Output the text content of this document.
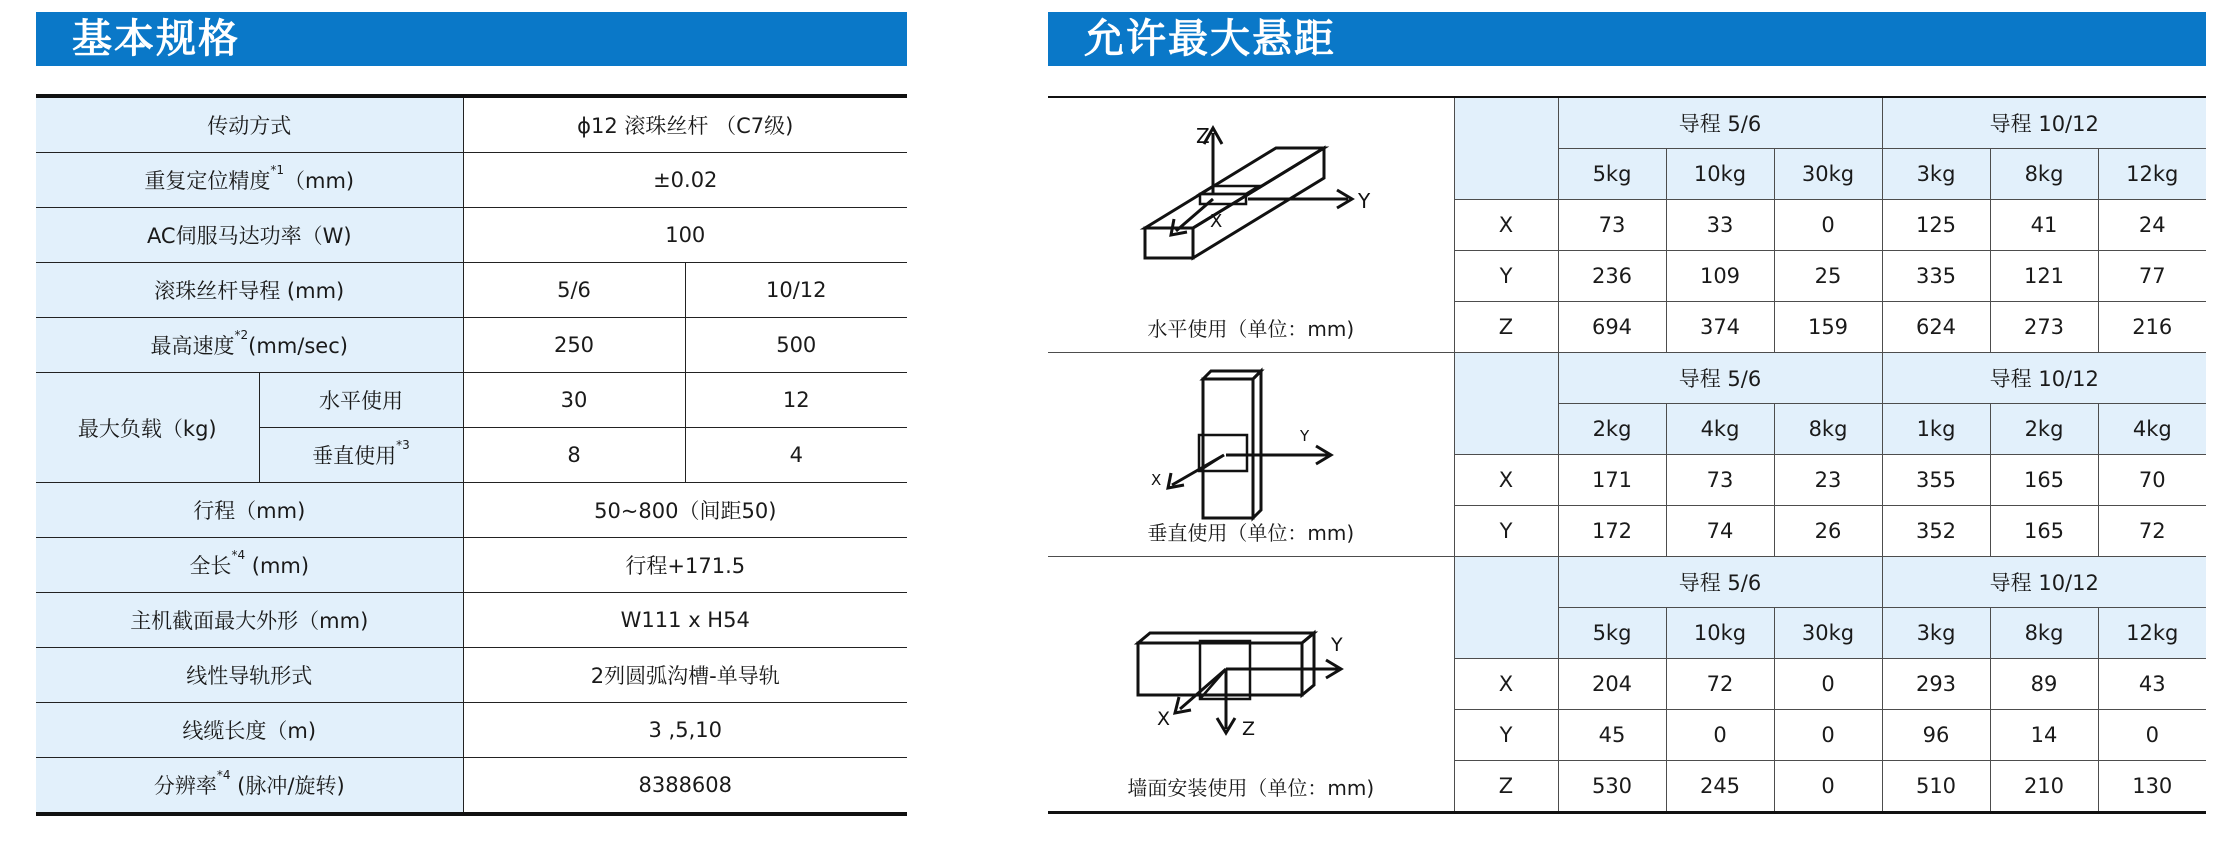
基本规格	允许最大悬距
传动方式		ϕ12 滚珠丝杆 （C7级)	
重复定位精度$^{*1}$（mm)		±0.02	
AC伺服马达功率（W)		100	
滚珠丝杆导程 (mm)		5/6	10/12
最高速度$^{*2}$(mm/sec)		250	500
最大负载（kg)	水平使用	30	12
	垂直使用$^{*3}$	8	4
行程（mm)		50~800（间距50)	
全长$^{*4}$ (mm)		行程+171.5	
主机截面最大外形（mm)		W111 x H54	
线性导轨形式		2列圆弧沟槽-单导轨	
线缆长度（m)		3 ,5,10	
分辨率$^{*4}$ (脉冲/旋转)		8388608	
Z
Y
X
水平使用（单位：mm)		导程 5/6			导程 10/12		
		5kg	10kg	30kg	3kg	8kg	12kg
	X	73	33	0	125	41	24
	Y	236	109	25	335	121	77
	Z	694	374	159	624	273	216

Y
X
垂直使用（单位：mm)		导程 5/6			导程 10/12		
		2kg	4kg	8kg	1kg	2kg	4kg
	X	171	73	23	355	165	70
	Y	172	74	26	352	165	72

Y
X Z
墙面安装使用（单位：mm)		导程 5/6			导程 10/12		
		5kg	10kg	30kg	3kg	8kg	12kg
	X	204	72	0	293	89	43
	Y	45	0	0	96	14	0
	Z	530	245	0	510	210	130
